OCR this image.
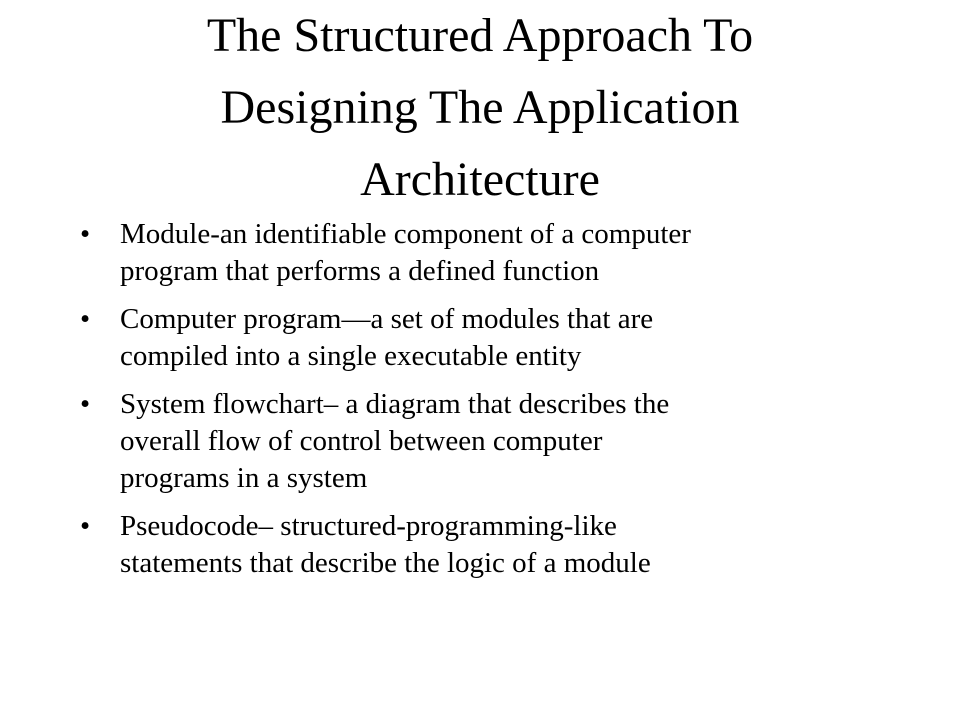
The Structured Approach To
Designing The Application
Architecture
•	Module-an identifiable component of a computer
program that performs a defined function
•	Computer program—a set of modules that are
compiled into a single executable entity
•	System flowchart– a diagram that describes the
overall flow of control between computer
programs in a system
•	Pseudocode– structured-programming-like
statements that describe the logic of a module
